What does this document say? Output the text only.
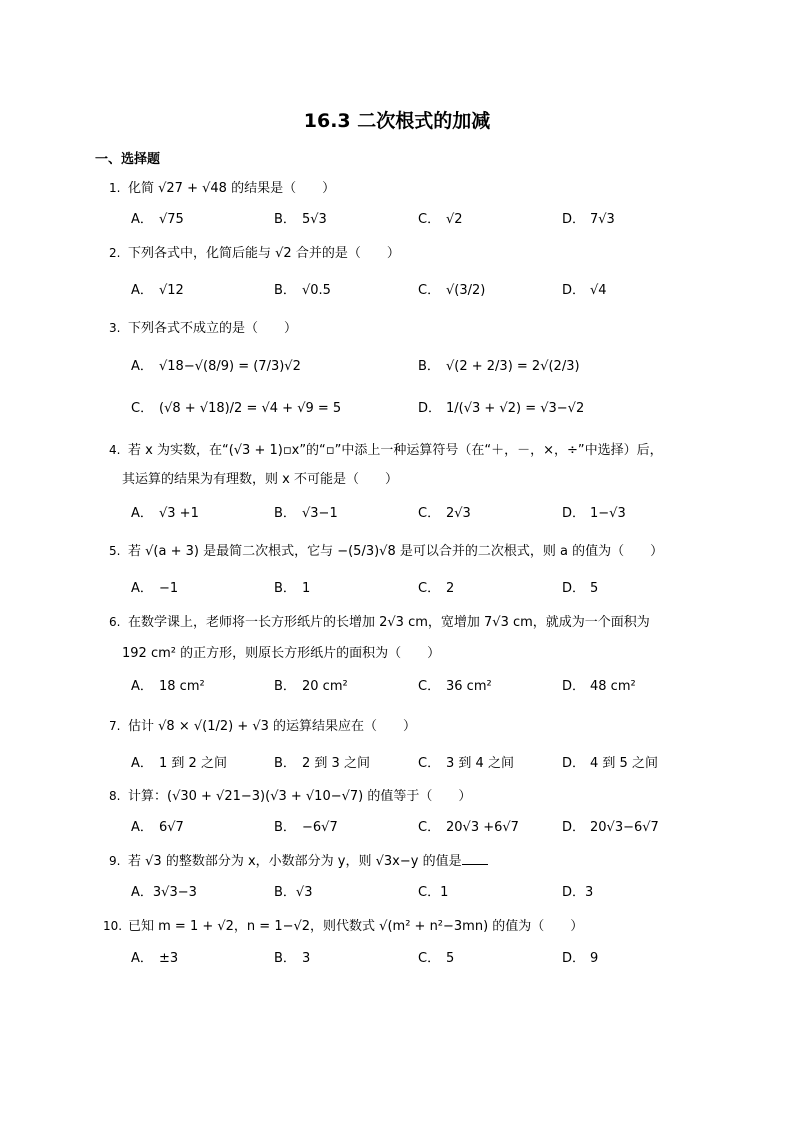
16.3 二次根式的加减
一、选择题
1. 化简 √27 + √48 的结果是（　　）
A． √75	B． 5√3	C． √2	D． 7√3
2. 下列各式中，化简后能与 √2 合并的是（　　）
A． √12	B． √0.5	C． √(3/2)	D． √4
3. 下列各式不成立的是（　　）
A． √18−√(8/9) = (7/3)√2	B． √(2 + 2/3) = 2√(2/3)
C． (√8 + √18)/2 = √4 + √9 = 5	D． 1/(√3 + √2) = √3−√2
4. 若 x 为实数，在“(√3 + 1)▫x”的“▫”中添上一种运算符号（在“＋，－，×，÷”中选择）后，
其运算的结果为有理数，则 x 不可能是（　　）
A． √3 +1	B． √3−1	C． 2√3	D． 1−√3
5. 若 √(a + 3) 是最简二次根式，它与 −(5/3)√8 是可以合并的二次根式，则 a 的值为（　　）
A． −1	B． 1	C． 2	D． 5
6. 在数学课上，老师将一长方形纸片的长增加 2√3 cm，宽增加 7√3 cm，就成为一个面积为
192 cm² 的正方形，则原长方形纸片的面积为（　　）
A． 18 cm²	B． 20 cm²	C． 36 cm²	D． 48 cm²
7. 估计 √8 × √(1/2) + √3 的运算结果应在（　　）
A． 1 到 2 之间	B． 2 到 3 之间	C． 3 到 4 之间	D． 4 到 5 之间
8. 计算：(√30 + √21−3)(√3 + √10−√7) 的值等于（　　）
A． 6√7	B． −6√7	C． 20√3 +6√7	D． 20√3−6√7
9. 若 √3 的整数部分为 x，小数部分为 y，则 √3x−y 的值是
A．3√3−3	B．√3	C．1	D．3
10. 已知 m = 1 + √2，n = 1−√2，则代数式 √(m² + n²−3mn) 的值为（　　）
A． ±3	B． 3	C． 5	D． 9
